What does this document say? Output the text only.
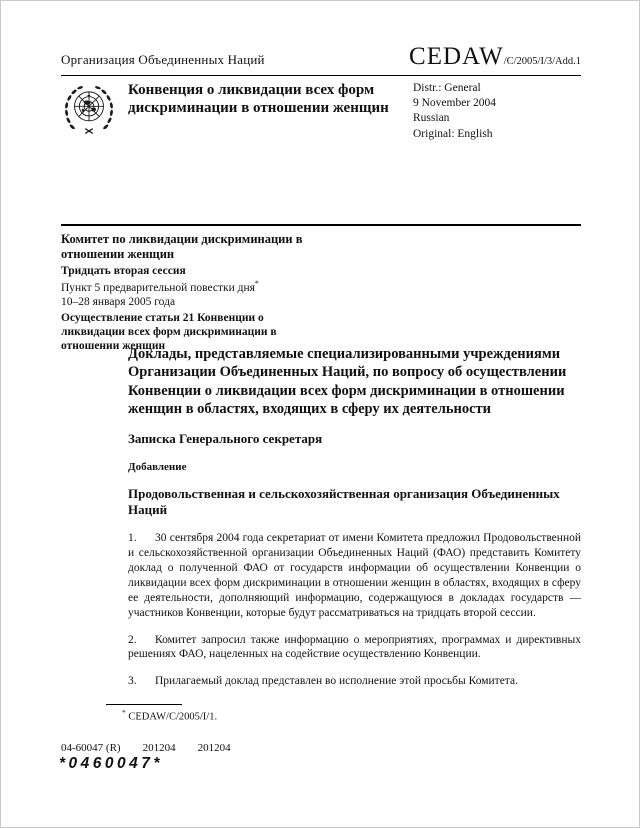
Организация Объединенных Наций	CEDAW/C/2005/I/3/Add.1
Конвенция о ликвидации всех форм дискриминации в отношении женщин
Distr.: General
9 November 2004
Russian
Original: English
Комитет по ликвидации дискриминации в отношении женщин
Тридцать вторая сессия
Пункт 5 предварительной повестки дня*
10–28 января 2005 года
Осуществление статьи 21 Конвенции о ликвидации всех форм дискриминации в отношении женщин
Доклады, представляемые специализированными учреждениями Организации Объединенных Наций, по вопросу об осуществлении Конвенции о ликвидации всех форм дискриминации в отношении женщин в областях, входящих в сферу их деятельности
Записка Генерального секретаря
Добавление
Продовольственная и сельскохозяйственная организация Объединенных Наций

1. 30 сентября 2004 года секретариат от имени Комитета предложил Продовольственной и сельскохозяйственной организации Объединенных Наций (ФАО) представить Комитету доклад о полученной ФАО от государств информации об осуществлении Конвенции о ликвидации всех форм дискриминации в отношении женщин в областях, входящих в сферу ее деятельности, дополняющий информацию, содержащуюся в докладах государств — участников Конвенции, которые будут рассматриваться на тридцать второй сессии.

2. Комитет запросил также информацию о мероприятиях, программах и директивных решениях ФАО, нацеленных на содействие осуществлению Конвенции.

3. Прилагаемый доклад представлен во исполнение этой просьбы Комитета.

* CEDAW/C/2005/I/1.
04-60047 (R) 201204 201204
*0460047*
